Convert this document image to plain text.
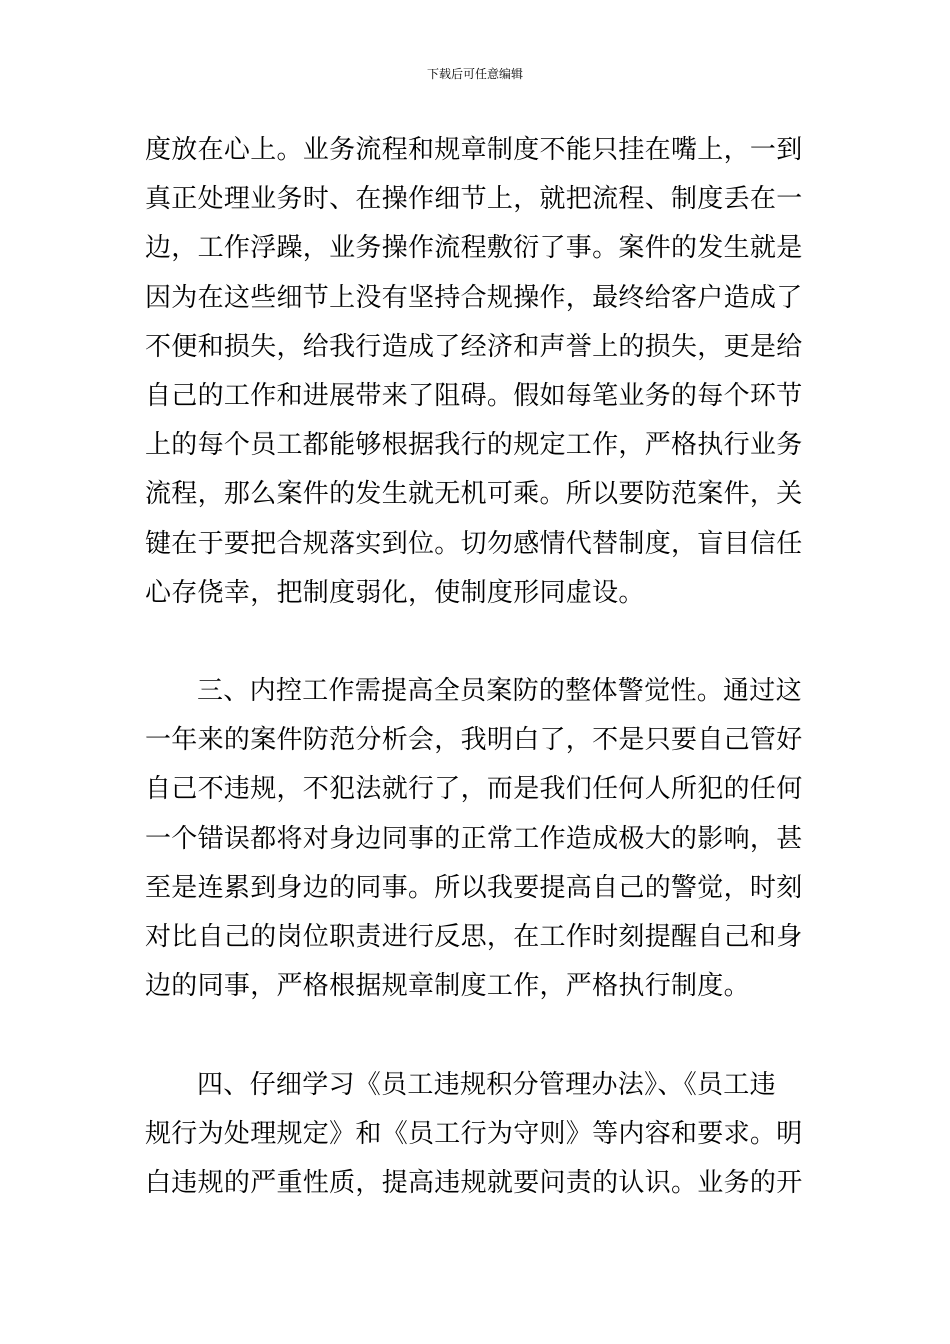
下载后可任意编辑
度放在心上。业务流程和规章制度不能只挂在嘴上，一到
真正处理业务时、在操作细节上，就把流程、制度丢在一
边，工作浮躁，业务操作流程敷衍了事。案件的发生就是
因为在这些细节上没有坚持合规操作，最终给客户造成了
不便和损失，给我行造成了经济和声誉上的损失，更是给
自己的工作和进展带来了阻碍。假如每笔业务的每个环节
上的每个员工都能够根据我行的规定工作，严格执行业务
流程，那么案件的发生就无机可乘。所以要防范案件，关
键在于要把合规落实到位。切勿感情代替制度，盲目信任
心存侥幸，把制度弱化，使制度形同虚设。
三、内控工作需提高全员案防的整体警觉性。通过这
一年来的案件防范分析会，我明白了，不是只要自己管好
自己不违规，不犯法就行了，而是我们任何人所犯的任何
一个错误都将对身边同事的正常工作造成极大的影响，甚
至是连累到身边的同事。所以我要提高自己的警觉，时刻
对比自己的岗位职责进行反思，在工作时刻提醒自己和身
边的同事，严格根据规章制度工作，严格执行制度。
四、仔细学习《员工违规积分管理办法》、《员工违
规行为处理规定》和《员工行为守则》等内容和要求。明
白违规的严重性质，提高违规就要问责的认识。业务的开
